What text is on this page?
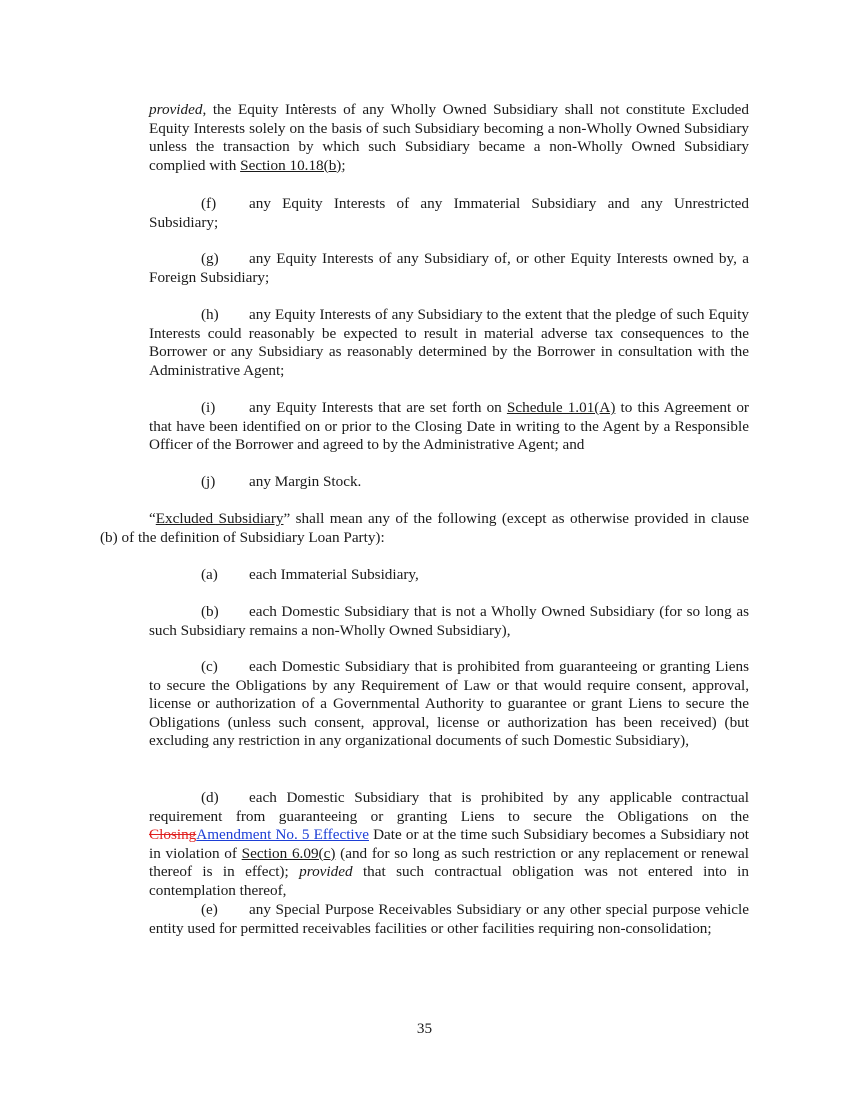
provided, the Equity Interests of any Wholly Owned Subsidiary shall not constitute Excluded Equity Interests solely on the basis of such Subsidiary becoming a non-Wholly Owned Subsidiary unless the transaction by which such Subsidiary became a non-Wholly Owned Subsidiary complied with Section 10.18(b);

(f) any Equity Interests of any Immaterial Subsidiary and any Unrestricted Subsidiary;

(g) any Equity Interests of any Subsidiary of, or other Equity Interests owned by, a Foreign Subsidiary;

(h) any Equity Interests of any Subsidiary to the extent that the pledge of such Equity Interests could reasonably be expected to result in material adverse tax consequences to the Borrower or any Subsidiary as reasonably determined by the Borrower in consultation with the Administrative Agent;

(i) any Equity Interests that are set forth on Schedule 1.01(A) to this Agreement or that have been identified on or prior to the Closing Date in writing to the Agent by a Responsible Officer of the Borrower and agreed to by the Administrative Agent; and

(j) any Margin Stock.

“Excluded Subsidiary” shall mean any of the following (except as otherwise provided in clause (b) of the definition of Subsidiary Loan Party):

(a) each Immaterial Subsidiary,

(b) each Domestic Subsidiary that is not a Wholly Owned Subsidiary (for so long as such Subsidiary remains a non-Wholly Owned Subsidiary),

(c) each Domestic Subsidiary that is prohibited from guaranteeing or granting Liens to secure the Obligations by any Requirement of Law or that would require consent, approval, license or authorization of a Governmental Authority to guarantee or grant Liens to secure the Obligations (unless such consent, approval, license or authorization has been received) (but excluding any restriction in any organizational documents of such Domestic Subsidiary),

(d) each Domestic Subsidiary that is prohibited by any applicable contractual requirement from guaranteeing or granting Liens to secure the Obligations on the ClosingAmendment No. 5 Effective Date or at the time such Subsidiary becomes a Subsidiary not in violation of Section 6.09(c) (and for so long as such restriction or any replacement or renewal thereof is in effect); provided that such contractual obligation was not entered into in contemplation thereof,

(e) any Special Purpose Receivables Subsidiary or any other special purpose vehicle entity used for permitted receivables facilities or other facilities requiring non-consolidation;

35
